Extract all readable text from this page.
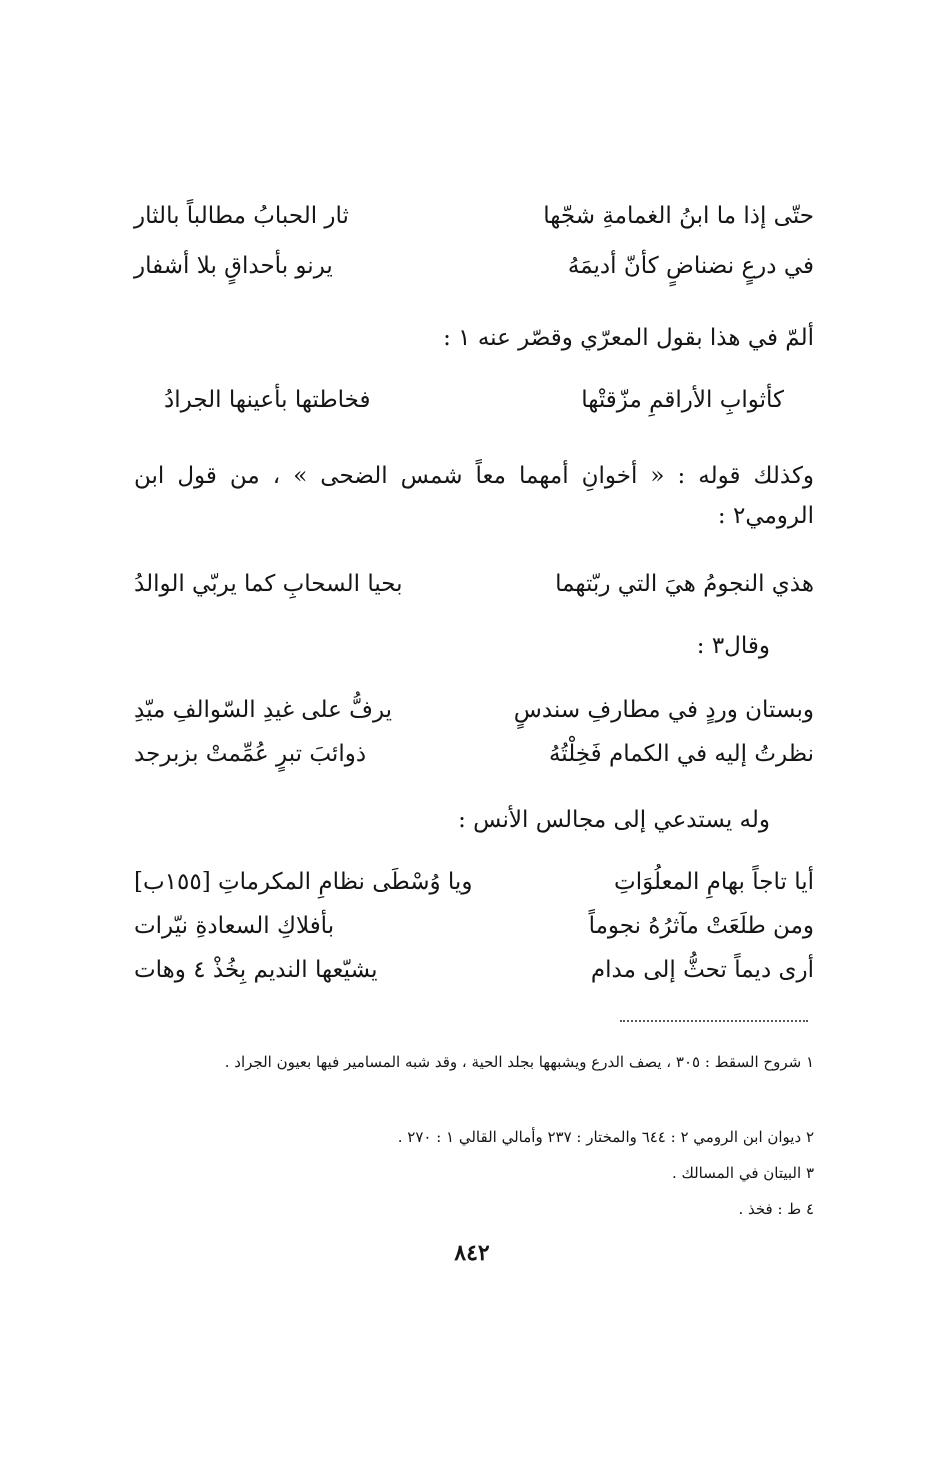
حتّى إذا ما ابنُ الغمامةِ شجّها
ثار الحبابُ مطالباً بالثار
في درعٍ نضناضٍ كأنّ أديمَهُ
يرنو بأحداقٍ بلا أشفار
ألمّ في هذا بقول المعرّي وقصّر عنه ١ :
كأثوابِ الأراقمِ مزّقتْها
فخاطتها بأعينها الجرادُ
وكذلك قوله : « أخوانِ أمهما معاً شمس الضحى » ، من قول ابن الرومي٢ :
هذي النجومُ هيَ التي ربّتهما
بحيا السحابِ كما يربّي الوالدُ
وقال٣ :
وبستان وردٍ في مطارفِ سندسٍ
يرفُّ على غيدِ السّوالفِ ميّدِ
نظرتُ إليه في الكمام فَخِلْتُهُ
ذوائبَ تبرٍ عُمِّمتْ بزبرجد
وله يستدعي إلى مجالس الأنس :
أيا تاجاً بهامِ المعلُوَاتِ
ويا وُسْطَى نظامِ المكرماتِ [١٥٥ب]
ومن طلَعَتْ مآثرُهُ نجوماً
بأفلاكِ السعادةِ نيّرات
أرى ديماً تحثُّ إلى مدام
يشيّعها النديم بِخُذْ ٤ وهات
١ شروح السقط : ٣٠٥ ، يصف الدرع ويشبهها بجلد الحية ، وقد شبه المسامير فيها بعيون الجراد .
٢ ديوان ابن الرومي ٢ : ٦٤٤ والمختار : ٢٣٧ وأمالي القالي ١ : ٢٧٠ .
٣ البيتان في المسالك .
٤ ط : فخذ .
٨٤٢
